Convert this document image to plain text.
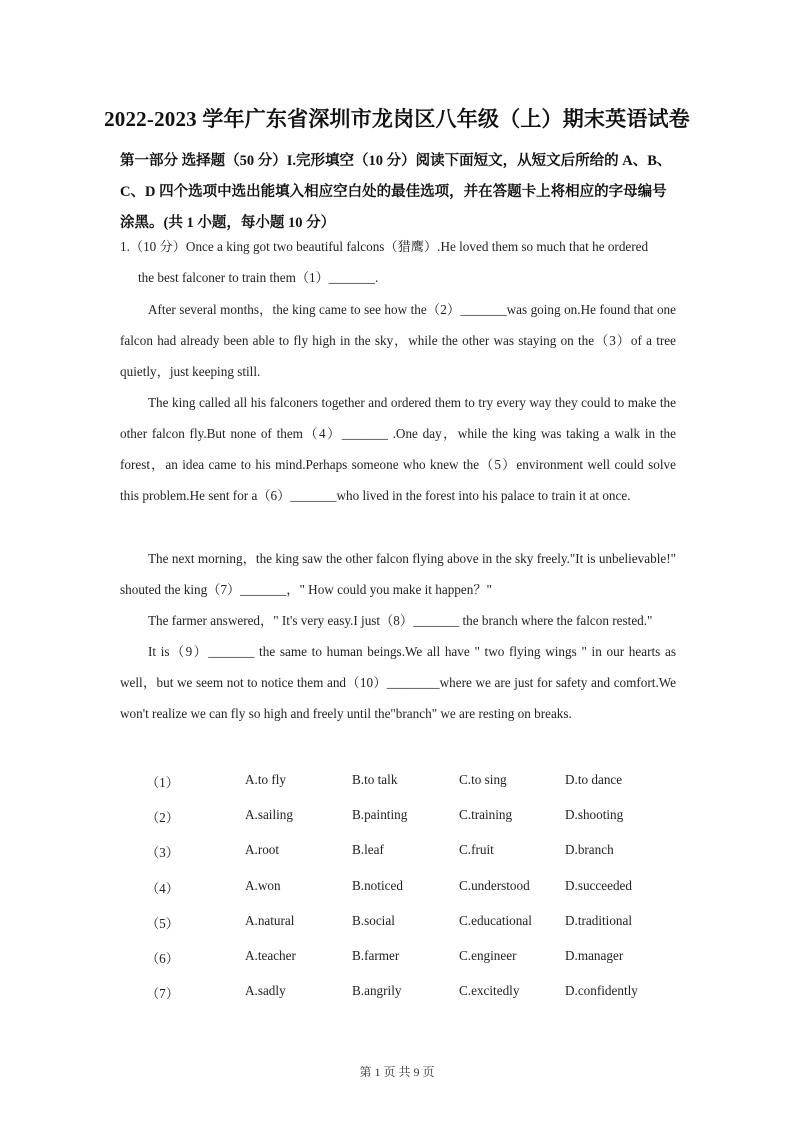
2022-2023 学年广东省深圳市龙岗区八年级（上）期末英语试卷
第一部分 选择题（50 分）I.完形填空（10 分）阅读下面短文，从短文后所给的 A、B、C、D 四个选项中选出能填入相应空白处的最佳选项，并在答题卡上将相应的字母编号涂黑。(共 1 小题，每小题 10 分）
1.（10 分）Once a king got two beautiful falcons（猎鹰）.He loved them so much that he ordered
the best falconer to train them（1）_______.
After several months，the king came to see how the（2）_______was going on.He found that one falcon had already been able to fly high in the sky，while the other was staying on the（3）of a tree quietly，just keeping still.
The king called all his falconers together and ordered them to try every way they could to make the other falcon fly.But none of them（4）_______ .One day，while the king was taking a walk in the forest，an idea came to his mind.Perhaps someone who knew the（5）environment well could solve this problem.He sent for a（6）_______who lived in the forest into his palace to train it at once.
The next morning，the king saw the other falcon flying above in the sky freely."It is unbelievable!" shouted the king（7）_______，" How could you make it happen？"
The farmer answered，" It's very easy.I just（8）_______ the branch where the falcon rested."
It is（9）_______ the same to human beings.We all have " two flying wings " in our hearts as well，but we seem not to notice them and（10）________where we are just for safety and comfort.We won't realize we can fly so high and freely until the"branch" we are resting on breaks.
（1）	A.to fly	B.to talk	C.to sing	D.to dance
（2）	A.sailing	B.painting	C.training	D.shooting
（3）	A.root	B.leaf	C.fruit	D.branch
（4）	A.won	B.noticed	C.understood	D.succeeded
（5）	A.natural	B.social	C.educational	D.traditional
（6）	A.teacher	B.farmer	C.engineer	D.manager
（7）	A.sadly	B.angrily	C.excitedly	D.confidently
第 1 页 共 9 页
